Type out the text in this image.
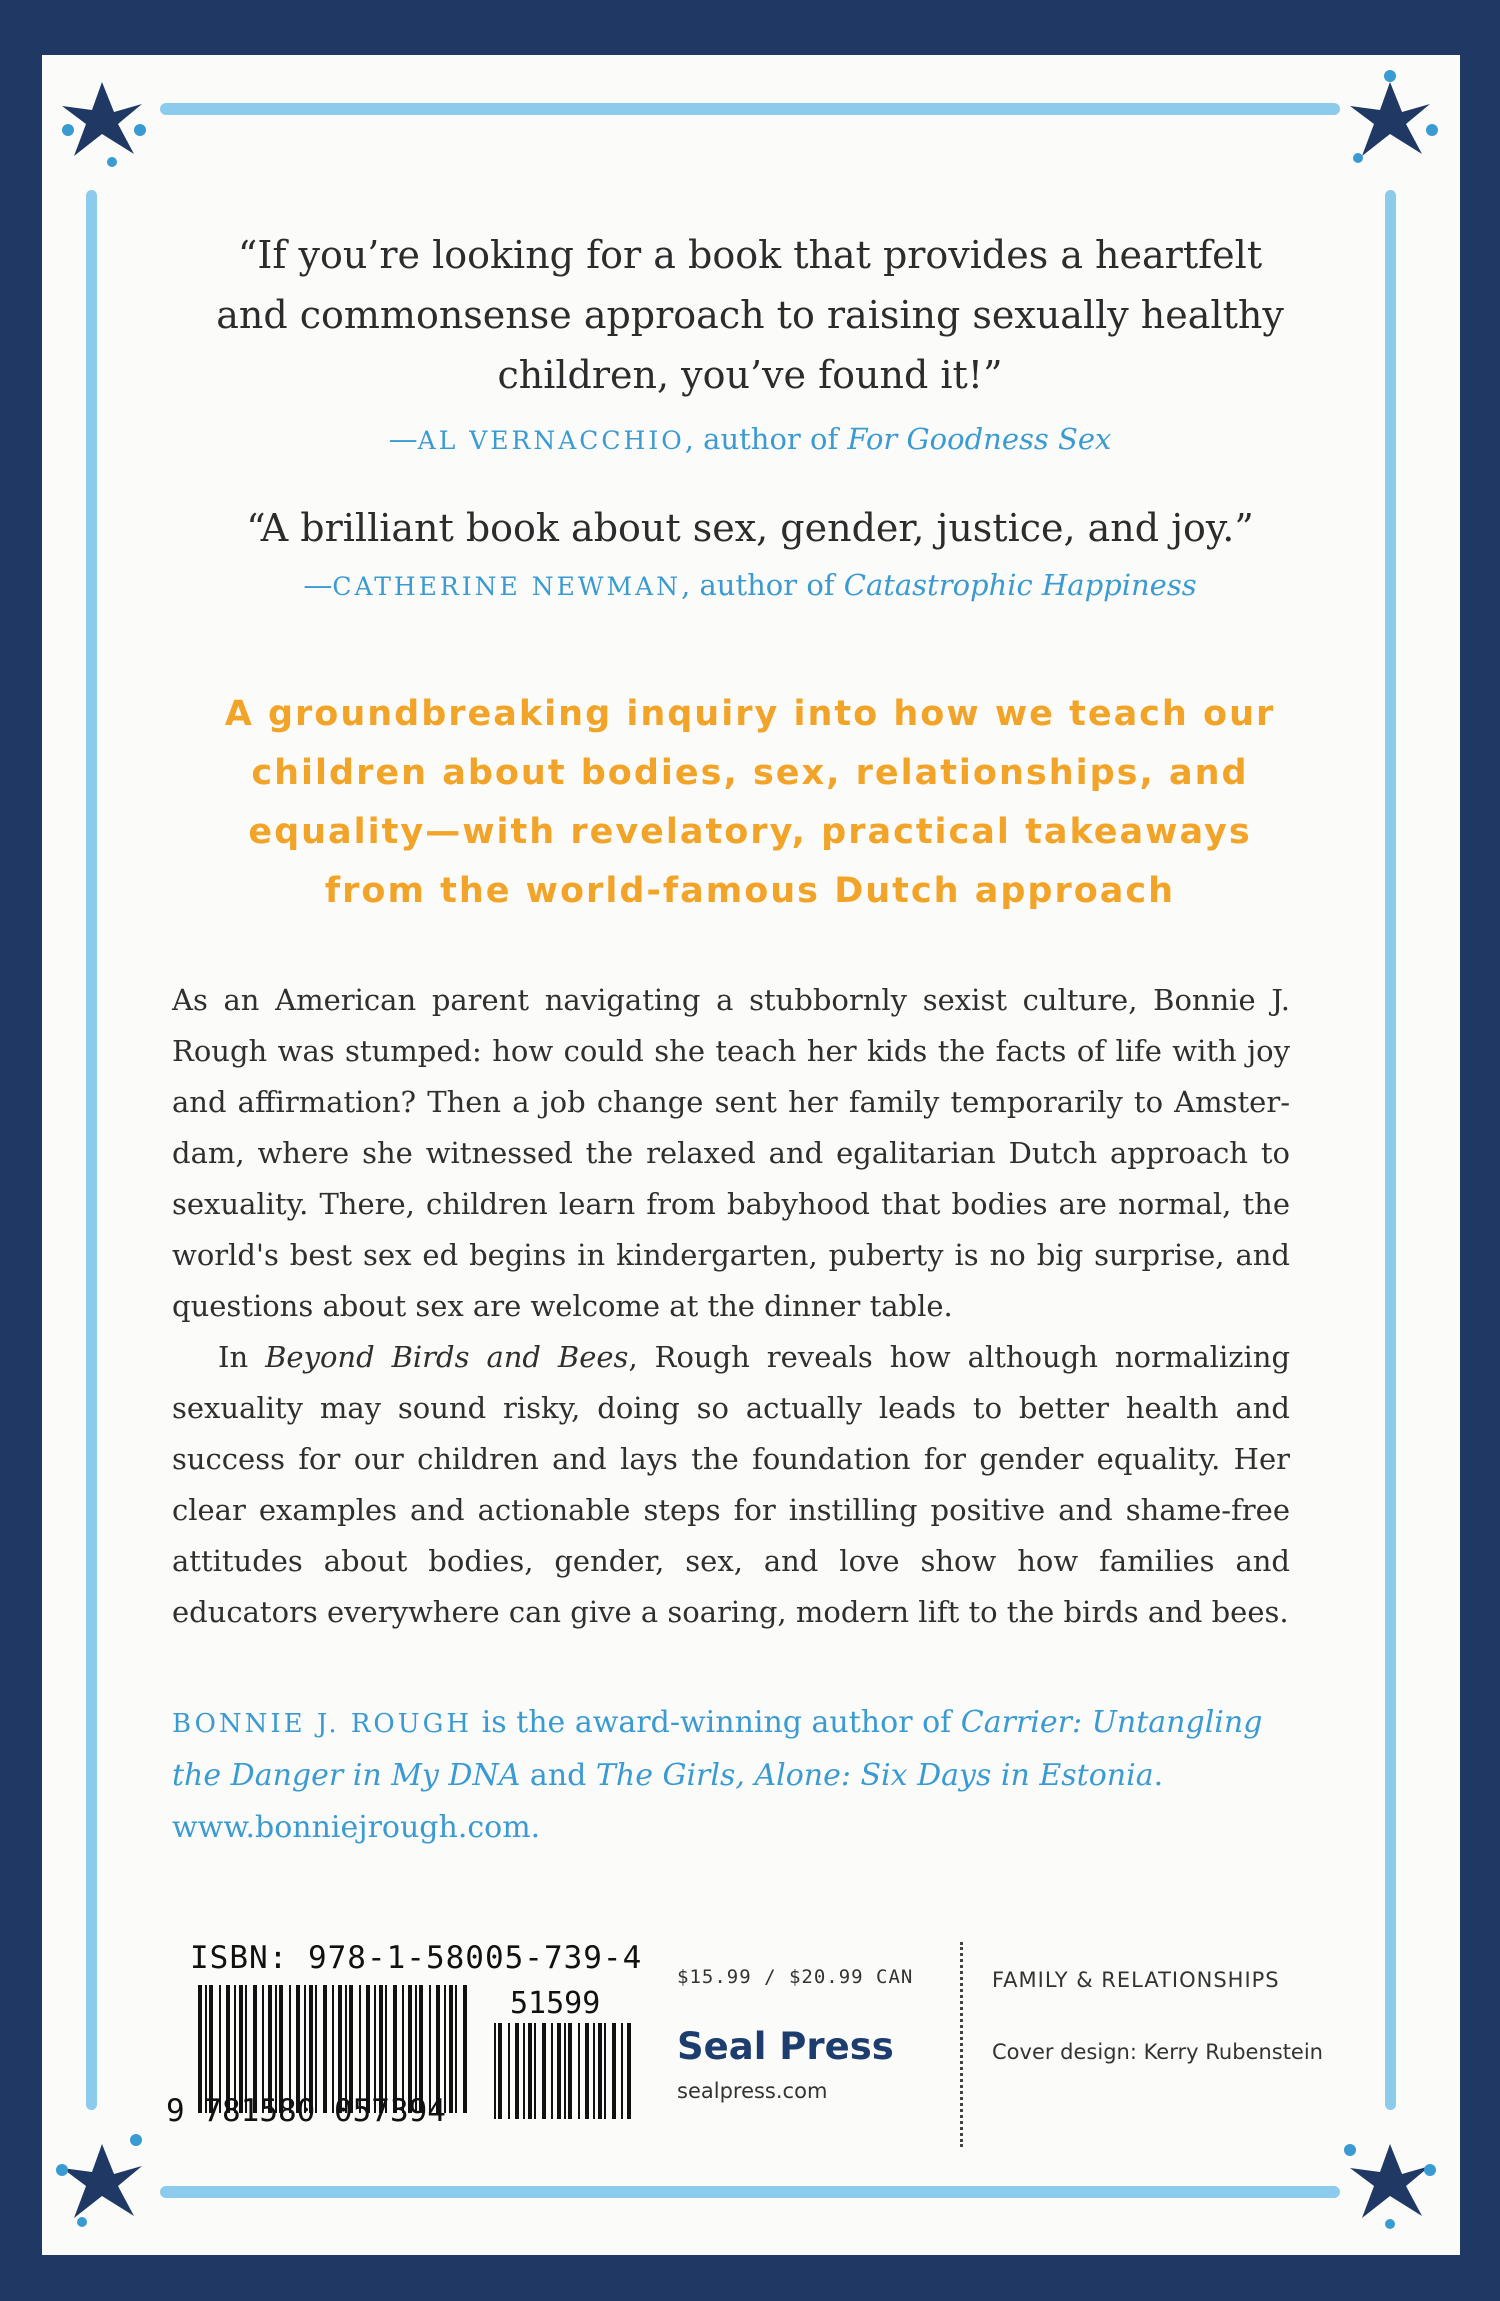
“If you’re looking for a book that provides a heartfelt
and commonsense approach to raising sexually healthy
children, you’ve found it!”
—AL VERNACCHIO, author of For Goodness Sex
“A brilliant book about sex, gender, justice, and joy.”
—CATHERINE NEWMAN, author of Catastrophic Happiness
A groundbreaking inquiry into how we teach our
children about bodies, sex, relationships, and
equality—with revelatory, practical takeaways
from the world-famous Dutch approach

As an American parent navigating a stubbornly sexist culture, Bonnie J. Rough was stumped: how could she teach her kids the facts of life with joy and affirmation? Then a job change sent her family temporarily to Amsterdam, where she witnessed the relaxed and egalitarian Dutch approach to sexuality. There, children learn from babyhood that bodies are normal, the world's best sex ed begins in kindergarten, puberty is no big surprise, and questions about sex are welcome at the dinner table.

In Beyond Birds and Bees, Rough reveals how although normalizing sexuality may sound risky, doing so actually leads to better health and success for our children and lays the foundation for gender equality. Her clear examples and actionable steps for instilling positive and shame-free attitudes about bodies, gender, sex, and love show how families and educators everywhere can give a soaring, modern lift to the birds and bees.

BONNIE J. ROUGH is the award-winning author of Carrier: Untangling the Danger in My DNA and The Girls, Alone: Six Days in Estonia.
www.bonniejrough.com.
ISBN: 978-1-58005-739-4
51599
9 781580 057394
$15.99 / $20.99 CAN
Seal Press
sealpress.com
FAMILY & RELATIONSHIPS
Cover design: Kerry Rubenstein
